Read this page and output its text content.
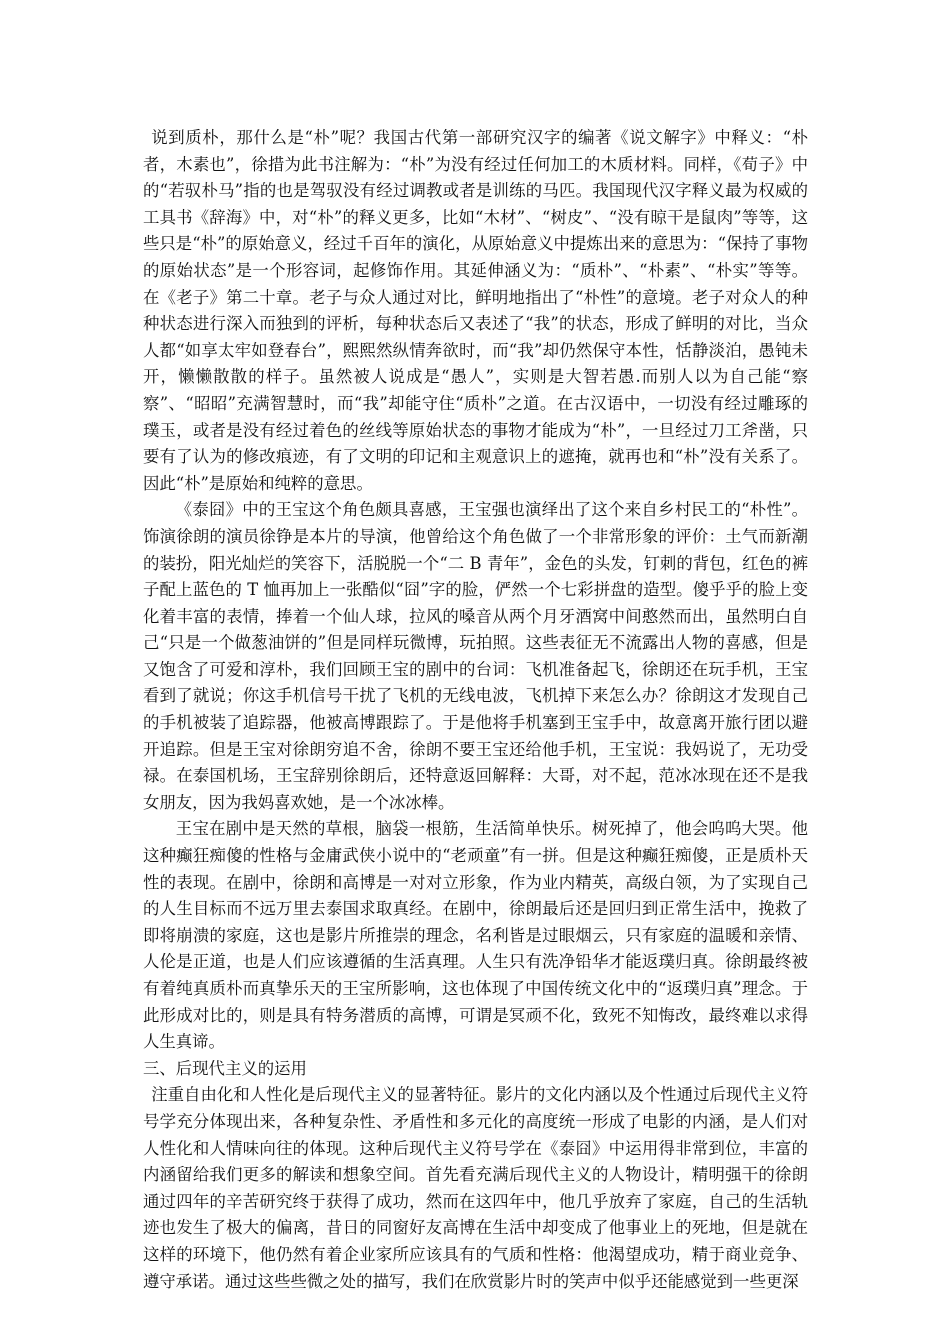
说到质朴，那什么是“朴”呢？我国古代第一部研究汉字的编著《说文解字》中释义：“朴者，木素也”，徐措为此书注解为：“朴”为没有经过任何加工的木质材料。同样，《荀子》中的“若驭朴马”指的也是驾驭没有经过调教或者是训练的马匹。我国现代汉字释义最为权威的工具书《辞海》中，对“朴”的释义更多，比如“木材”、“树皮”、“没有晾干是鼠肉”等等，这些只是“朴”的原始意义，经过千百年的演化，从原始意义中提炼出来的意思为：“保持了事物的原始状态”是一个形容词，起修饰作用。其延伸涵义为：“质朴”、“朴素”、“朴实”等等。在《老子》第二十章。老子与众人通过对比，鲜明地指出了“朴性”的意境。老子对众人的种种状态进行深入而独到的评析，每种状态后又表述了“我”的状态，形成了鲜明的对比，当众人都“如享太牢如登春台”，熙熙然纵情奔欲时，而“我”却仍然保守本性，恬静淡泊，愚钝未开，懒懒散散的样子。虽然被人说成是“愚人”，实则是大智若愚.而别人以为自己能“察察”、“昭昭”充满智慧时，而“我”却能守住“质朴”之道。在古汉语中，一切没有经过雕琢的璞玉，或者是没有经过着色的丝线等原始状态的事物才能成为“朴”，一旦经过刀工斧凿，只要有了认为的修改痕迹，有了文明的印记和主观意识上的遮掩，就再也和“朴”没有关系了。因此“朴”是原始和纯粹的意思。

《泰囧》中的王宝这个角色颇具喜感，王宝强也演绎出了这个来自乡村民工的“朴性”。饰演徐朗的演员徐铮是本片的导演，他曾给这个角色做了一个非常形象的评价：土气而新潮的装扮，阳光灿烂的笑容下，活脱脱一个“二 B 青年”，金色的头发，钉刺的背包，红色的裤子配上蓝色的 T 恤再加上一张酷似“囧”字的脸，俨然一个七彩拼盘的造型。傻乎乎的脸上变化着丰富的表情，捧着一个仙人球，拉风的嗓音从两个月牙酒窝中间憨然而出，虽然明白自己“只是一个做葱油饼的”但是同样玩微博，玩拍照。这些表征无不流露出人物的喜感，但是又饱含了可爱和淳朴，我们回顾王宝的剧中的台词：飞机准备起飞，徐朗还在玩手机，王宝看到了就说；你这手机信号干扰了飞机的无线电波，飞机掉下来怎么办？徐朗这才发现自己的手机被装了追踪器，他被高博跟踪了。于是他将手机塞到王宝手中，故意离开旅行团以避开追踪。但是王宝对徐朗穷追不舍，徐朗不要王宝还给他手机，王宝说：我妈说了，无功受禄。在泰国机场，王宝辞别徐朗后，还特意返回解释：大哥，对不起，范冰冰现在还不是我女朋友，因为我妈喜欢她，是一个冰冰棒。

王宝在剧中是天然的草根，脑袋一根筋，生活简单快乐。树死掉了，他会呜呜大哭。他这种癫狂痴傻的性格与金庸武侠小说中的“老顽童”有一拼。但是这种癫狂痴傻，正是质朴天性的表现。在剧中，徐朗和高博是一对对立形象，作为业内精英，高级白领，为了实现自己的人生目标而不远万里去泰国求取真经。在剧中，徐朗最后还是回归到正常生活中，挽救了即将崩溃的家庭，这也是影片所推崇的理念，名利皆是过眼烟云，只有家庭的温暖和亲情、人伦是正道，也是人们应该遵循的生活真理。人生只有洗净铅华才能返璞归真。徐朗最终被有着纯真质朴而真挚乐天的王宝所影响，这也体现了中国传统文化中的“返璞归真”理念。于此形成对比的，则是具有特务潜质的高博，可谓是冥顽不化，致死不知悔改，最终难以求得人生真谛。

三、后现代主义的运用

注重自由化和人性化是后现代主义的显著特征。影片的文化内涵以及个性通过后现代主义符号学充分体现出来，各种复杂性、矛盾性和多元化的高度统一形成了电影的内涵，是人们对人性化和人情味向往的体现。这种后现代主义符号学在《泰囧》中运用得非常到位，丰富的内涵留给我们更多的解读和想象空间。首先看充满后现代主义的人物设计，精明强干的徐朗通过四年的辛苦研究终于获得了成功，然而在这四年中，他几乎放弃了家庭，自己的生活轨迹也发生了极大的偏离，昔日的同窗好友高博在生活中却变成了他事业上的死地，但是就在这样的环境下，他仍然有着企业家所应该具有的气质和性格：他渴望成功，精于商业竞争、遵守承诺。通过这些些微之处的描写，我们在欣赏影片时的笑声中似乎还能感觉到一些更深
